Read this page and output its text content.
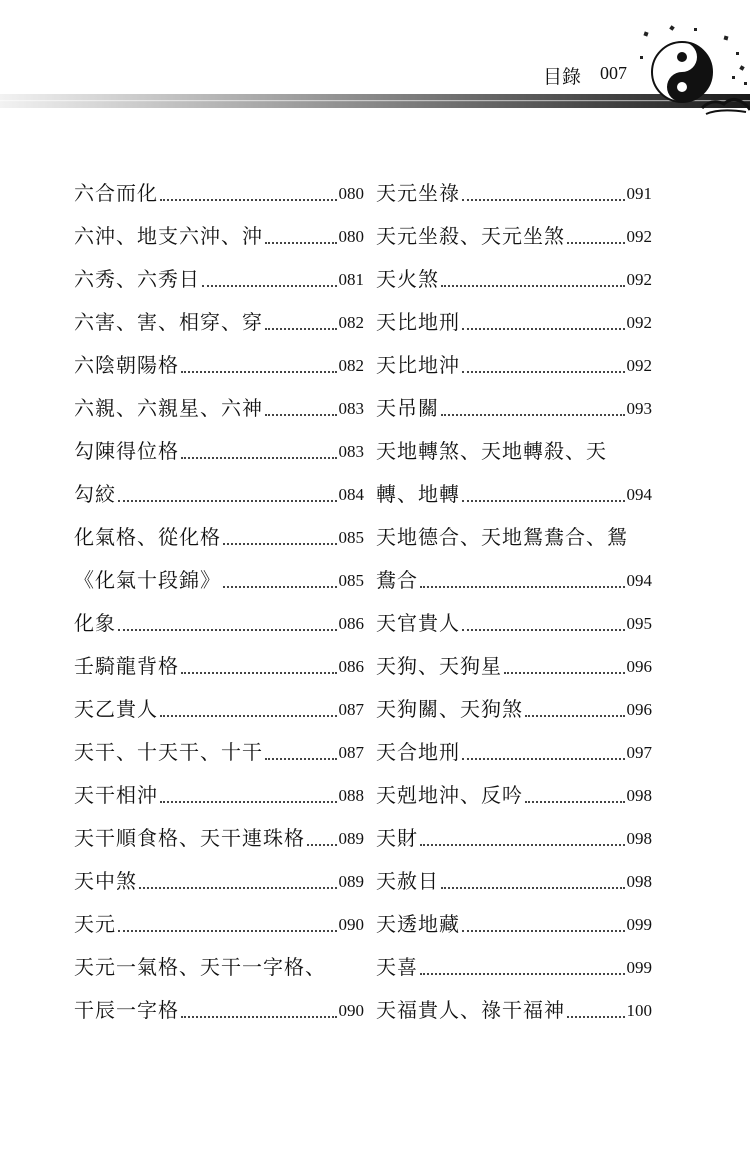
目錄 007
六合而化	080
六沖、地支六沖、沖	080
六秀、六秀日	081
六害、害、相穿、穿	082
六陰朝陽格	082
六親、六親星、六神	083
勾陳得位格	083
勾絞	084
化氣格、從化格	085
《化氣十段錦》	085
化象	086
壬騎龍背格	086
天乙貴人	087
天干、十天干、十干	087
天干相沖	088
天干順食格、天干連珠格 089
天中煞	089
天元	090
天元一氣格、天干一字格、
干辰一字格	090
天元坐祿	091
天元坐殺、天元坐煞	092
天火煞	092
天比地刑	092
天比地沖	092
天吊關	093
天地轉煞、天地轉殺、天
轉、地轉	094
天地德合、天地鴛鴦合、鴛
鴦合	094
天官貴人	095
天狗、天狗星	096
天狗關、天狗煞	096
天合地刑	097
天剋地沖、反吟	098
天財	098
天赦日	098
天透地藏	099
天喜	099
天福貴人、祿干福神	100
